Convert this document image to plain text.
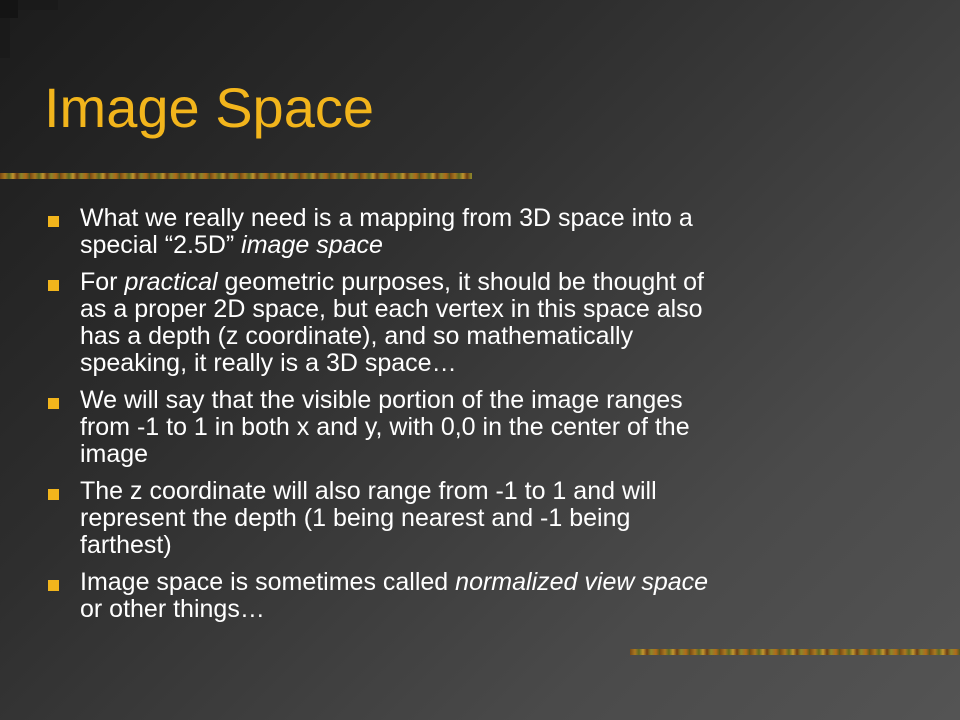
Image Space
What we really need is a mapping from 3D space into a
special “2.5D” image space
For practical geometric purposes, it should be thought of
as a proper 2D space, but each vertex in this space also
has a depth (z coordinate), and so mathematically
speaking, it really is a 3D space…
We will say that the visible portion of the image ranges
from -1 to 1 in both x and y, with 0,0 in the center of the
image
The z coordinate will also range from -1 to 1 and will
represent the depth (1 being nearest and -1 being
farthest)
Image space is sometimes called normalized view space
or other things…
